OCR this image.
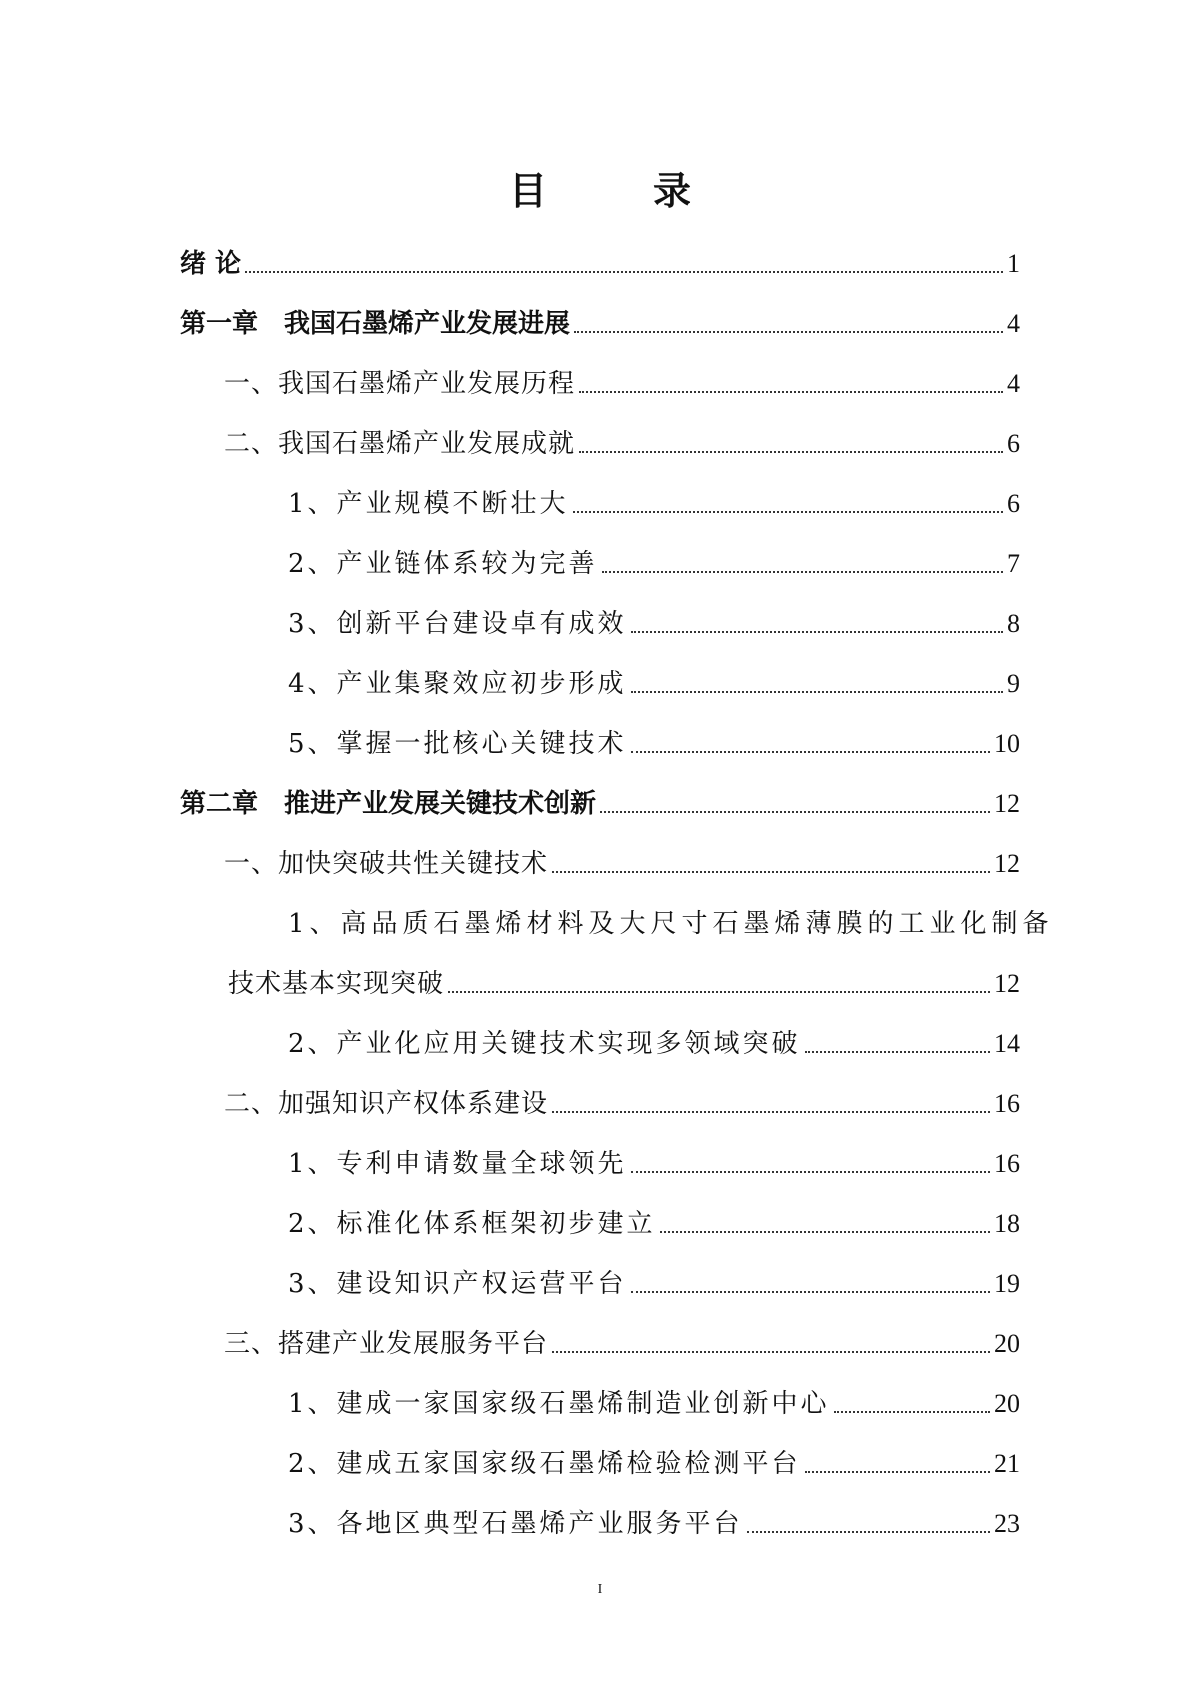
目　录
绪 论	1
第一章　我国石墨烯产业发展进展	4
一、我国石墨烯产业发展历程	4
二、我国石墨烯产业发展成就	6
1、产业规模不断壮大	6
2、产业链体系较为完善	7
3、创新平台建设卓有成效	8
4、产业集聚效应初步形成	9
5、掌握一批核心关键技术	10
第二章　推进产业发展关键技术创新	12
一、加快突破共性关键技术	12
1、高品质石墨烯材料及大尺寸石墨烯薄膜的工业化制备
技术基本实现突破	12
2、产业化应用关键技术实现多领域突破	14
二、加强知识产权体系建设	16
1、专利申请数量全球领先	16
2、标准化体系框架初步建立	18
3、建设知识产权运营平台	19
三、搭建产业发展服务平台	20
1、建成一家国家级石墨烯制造业创新中心	20
2、建成五家国家级石墨烯检验检测平台	21
3、各地区典型石墨烯产业服务平台	23
I
